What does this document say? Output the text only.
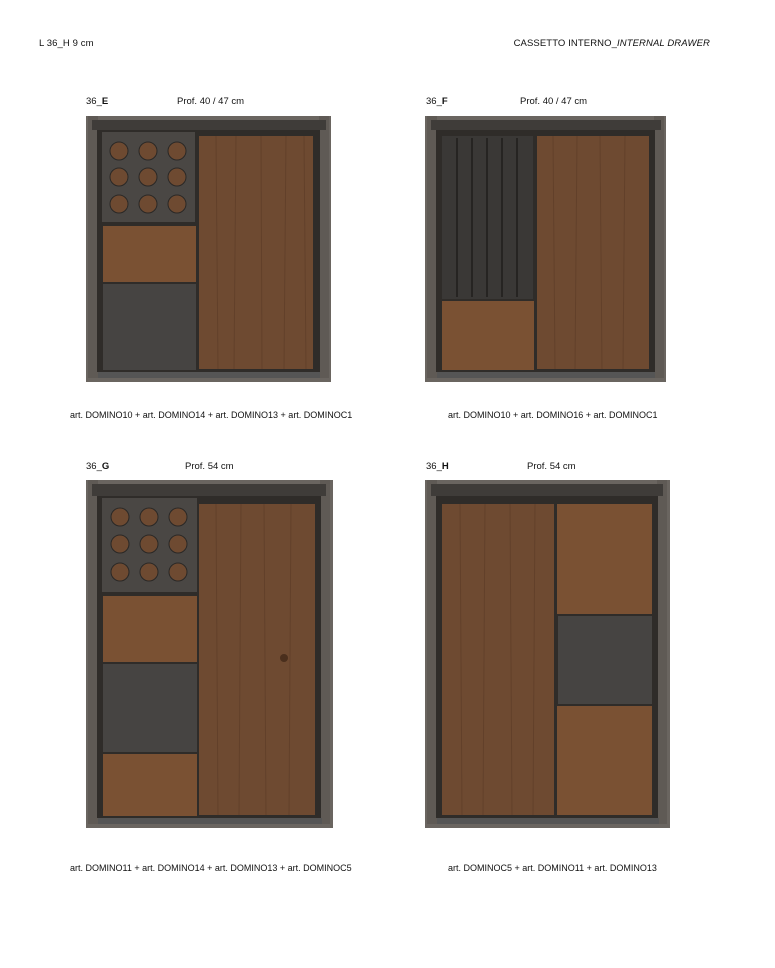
L 36_H 9 cm	CASSETTO INTERNO_INTERNAL DRAWER
36_E	Prof. 40 / 47 cm
art. DOMINO10 + art. DOMINO14 + art. DOMINO13 + art. DOMINOC1
36_F	Prof. 40 / 47 cm
art. DOMINO10 + art. DOMINO16 + art. DOMINOC1
36_G	Prof. 54 cm
art. DOMINO11 + art. DOMINO14 + art. DOMINO13 + art. DOMINOC5
36_H	Prof. 54 cm
art. DOMINOC5 + art. DOMINO11 + art. DOMINO13
